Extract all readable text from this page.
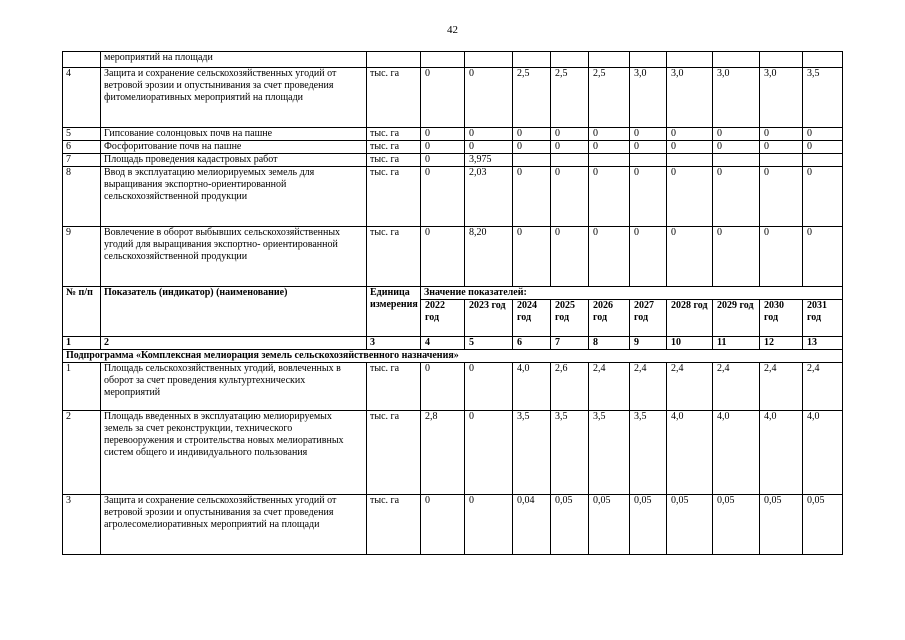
42
	мероприятий на площади											
4	Защита и сохранение сельскохозяйственных угодий от ветровой эрозии и опустынивания за счет проведения фитомелиоративных мероприятий на площади	тыс. га	0	0	2,5	2,5	2,5	3,0	3,0	3,0	3,0	3,5
5	Гипсование солонцовых почв на пашне	тыс. га	0	0	0	0	0	0	0	0	0	0
6	Фосфоритование почв на пашне	тыс. га	0	0	0	0	0	0	0	0	0	0
7	Площадь проведения кадастровых работ	тыс. га	0	3,975								
8	Ввод в эксплуатацию мелиорируемых земель для выращивания экспортно-ориентированной сельскохозяйственной продукции	тыс. га	0	2,03	0	0	0	0	0	0	0	0
9	Вовлечение в оборот выбывших сельскохозяйственных угодий для выращивания экспортно- ориентированной сельскохозяйственной продукции	тыс. га	0	8,20	0	0	0	0	0	0	0	0
№ п/п	Показатель (индикатор) (наименование)	Единица измерения	Значение показателей:									
			2022 год	2023 год	2024 год	2025 год	2026 год	2027 год	2028 год	2029 год	2030 год	2031 год
1	2	3	4	5	6	7	8	9	10	11	12	13
Подпрограмма «Комплексная мелиорация земель сельскохозяйственного назначения»												
1	Площадь сельскохозяйственных угодий, вовлеченных в оборот за счет проведения культуртехнических мероприятий	тыс. га	0	0	4,0	2,6	2,4	2,4	2,4	2,4	2,4	2,4
2	Площадь введенных в эксплуатацию мелиорируемых земель за счет реконструкции, технического перевооружения и строительства новых мелиоративных систем общего и индивидуального пользования	тыс. га	2,8	0	3,5	3,5	3,5	3,5	4,0	4,0	4,0	4,0
3	Защита и сохранение сельскохозяйственных угодий от ветровой эрозии и опустынивания за счет проведения агролесомелиоративных мероприятий на площади	тыс. га	0	0	0,04	0,05	0,05	0,05	0,05	0,05	0,05	0,05
